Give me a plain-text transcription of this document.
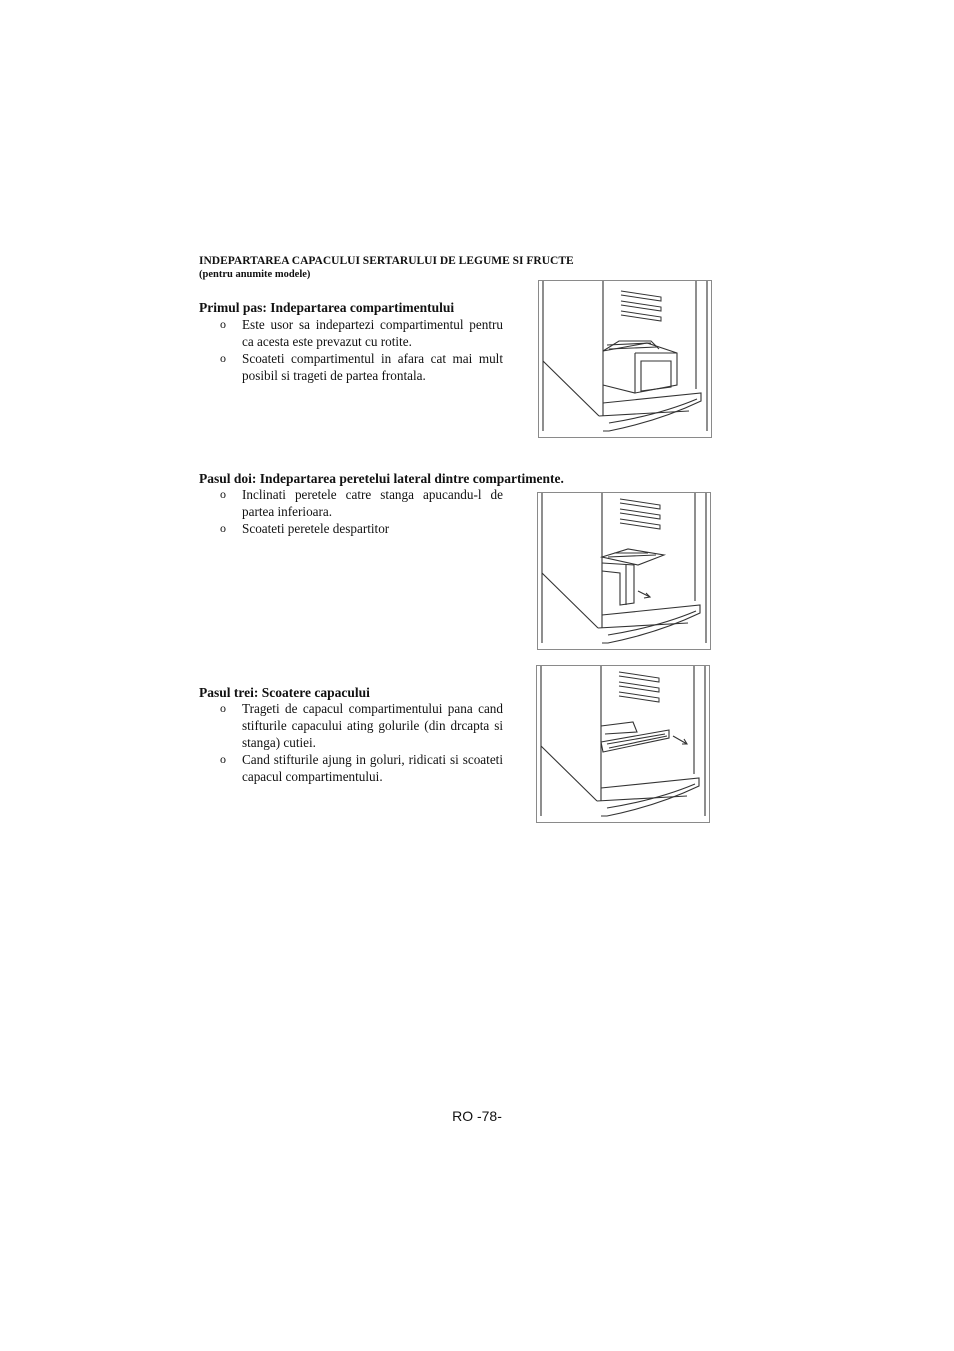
INDEPARTAREA CAPACULUI SERTARULUI DE LEGUME SI FRUCTE
(pentru anumite modele)
Primul pas: Indepartarea compartimentului
o Este usor sa indepartezi compartimentul pentru ca acesta este prevazut cu rotite.
o Scoateti compartimentul in afara cat mai mult posibil si trageti de partea frontala.
Pasul doi: Indepartarea peretelui lateral dintre compartimente.
o Inclinati peretele catre stanga apucandu-l de partea inferioara.
o Scoateti peretele despartitor
Pasul trei: Scoatere capacului
o Trageti de capacul compartimentului pana cand stifturile capacului ating golurile (din drcapta si stanga) cutiei.
o Cand stifturile ajung in goluri, ridicati si scoateti capacul compartimentului.
RO -78-
